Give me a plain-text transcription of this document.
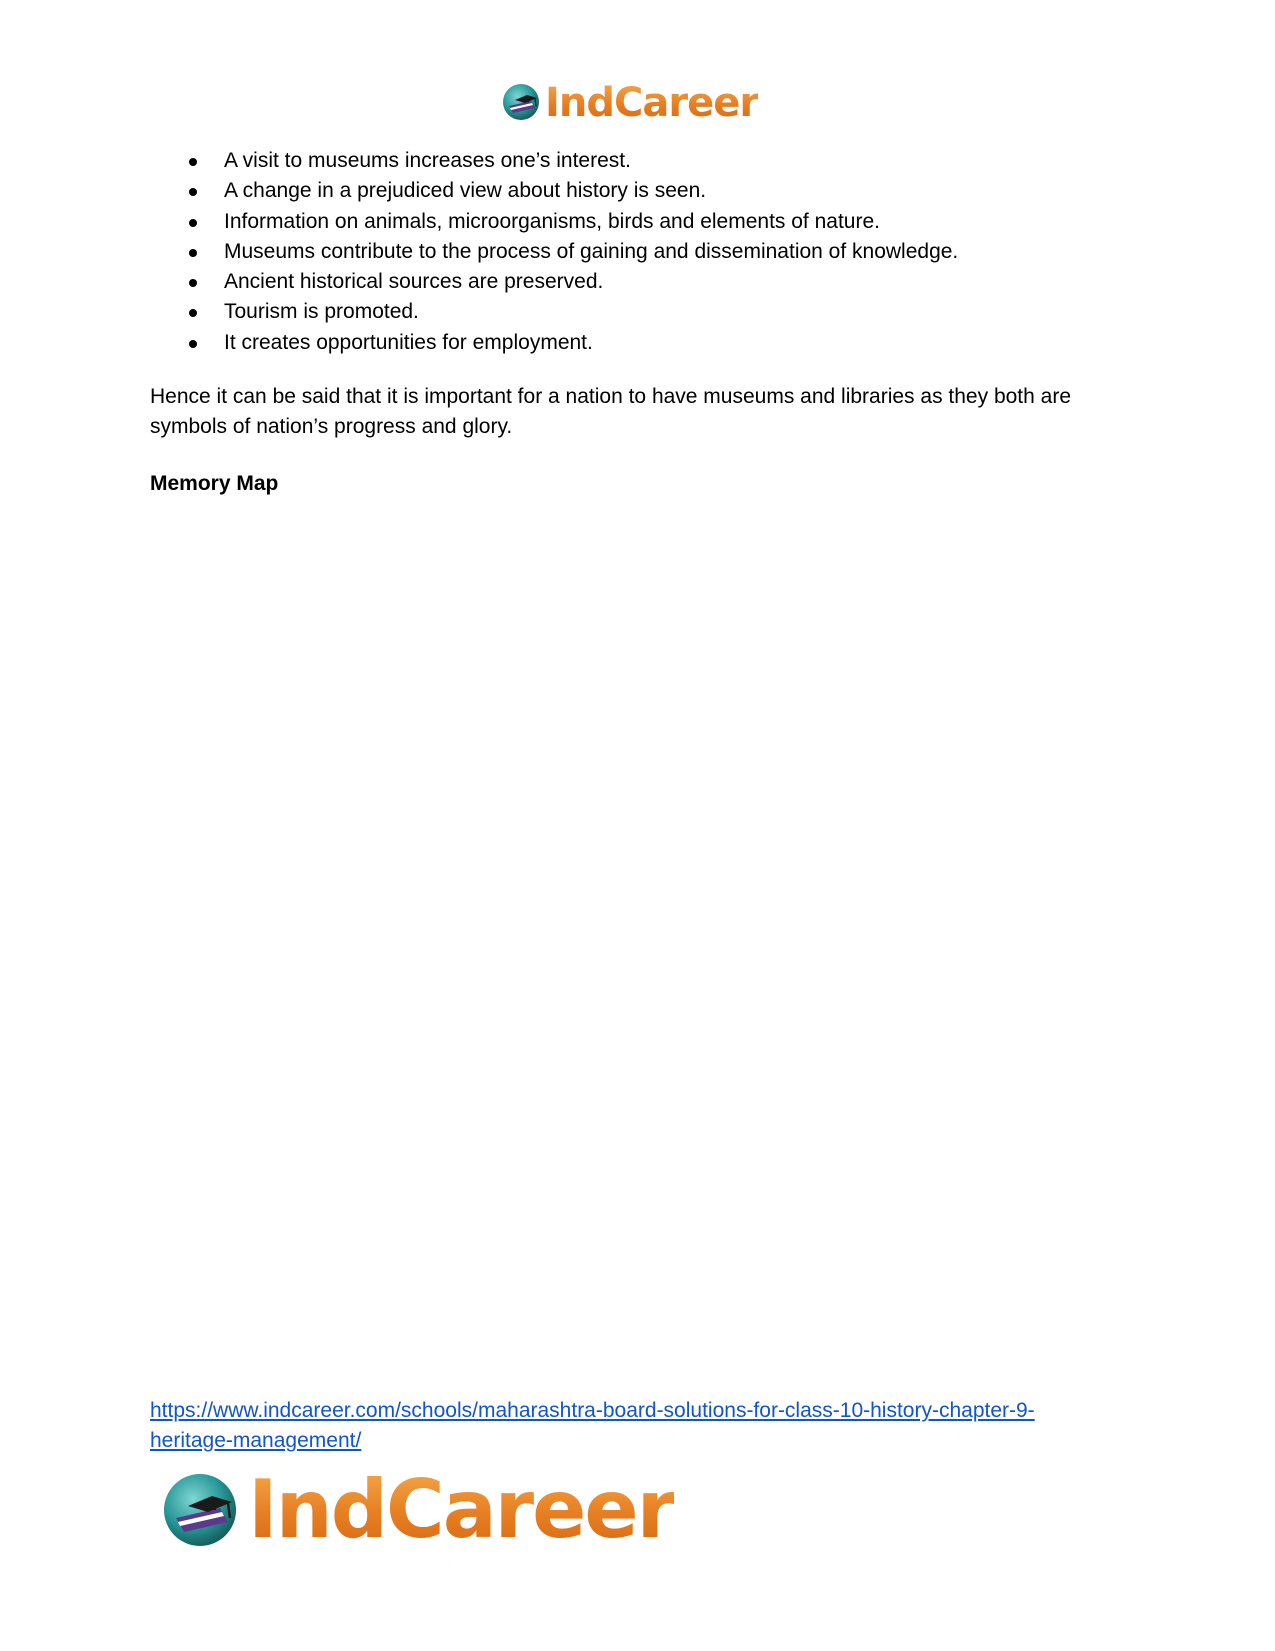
IndCareer
A visit to museums increases one’s interest.
A change in a prejudiced view about history is seen.
Information on animals, microorganisms, birds and elements of nature.
Museums contribute to the process of gaining and dissemination of knowledge.
Ancient historical sources are preserved.
Tourism is promoted.
It creates opportunities for employment.

Hence it can be said that it is important for a nation to have museums and libraries as they both are symbols of nation’s progress and glory.

Memory Map
https://www.indcareer.com/schools/maharashtra-board-solutions-for-class-10-history-chapter-9-
heritage-management/
IndCareer
